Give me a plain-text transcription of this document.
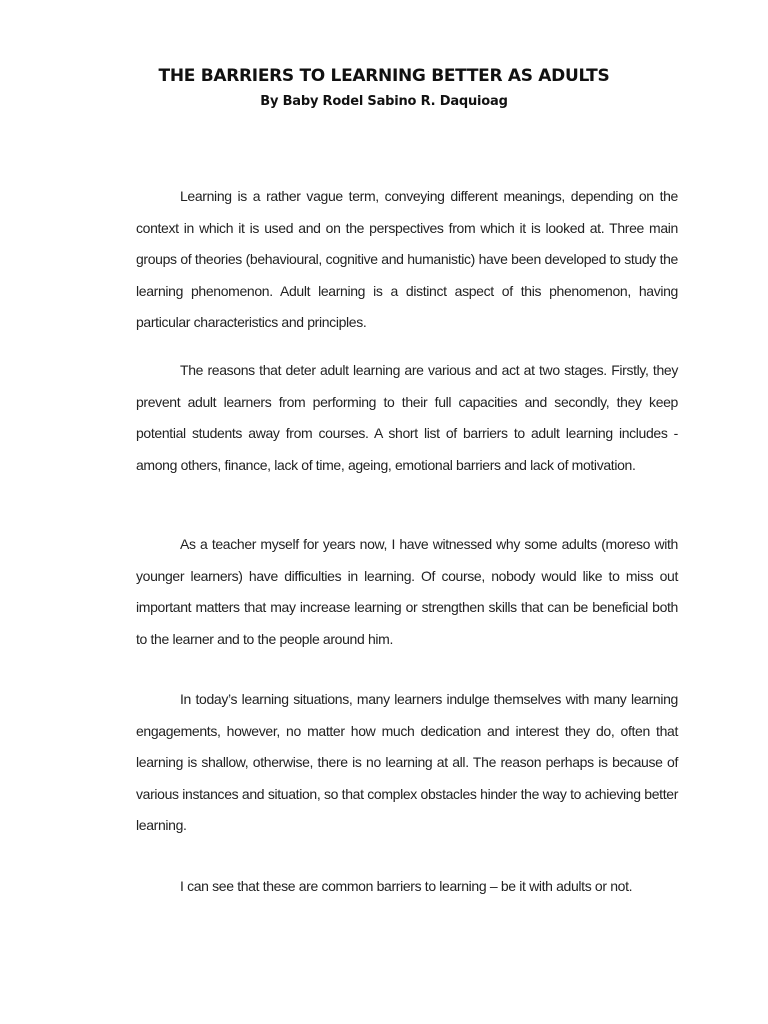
THE BARRIERS TO LEARNING BETTER AS ADULTS
By Baby Rodel Sabino R. Daquioag

Learning is a rather vague term, conveying different meanings, depending on the context in which it is used and on the perspectives from which it is looked at. Three main groups of theories (behavioural, cognitive and humanistic) have been developed to study the learning phenomenon. Adult learning is a distinct aspect of this phenomenon, having particular characteristics and principles.

The reasons that deter adult learning are various and act at two stages. Firstly, they prevent adult learners from performing to their full capacities and secondly, they keep potential students away from courses. A short list of barriers to adult learning includes - among others, finance, lack of time, ageing, emotional barriers and lack of motivation.

As a teacher myself for years now, I have witnessed why some adults (moreso with younger learners) have difficulties in learning. Of course, nobody would like to miss out important matters that may increase learning or strengthen skills that can be beneficial both to the learner and to the people around him.

In today’s learning situations, many learners indulge themselves with many learning engagements, however, no matter how much dedication and interest they do, often that learning is shallow, otherwise, there is no learning at all. The reason perhaps is because of various instances and situation, so that complex obstacles hinder the way to achieving better learning.

I can see that these are common barriers to learning – be it with adults or not.
